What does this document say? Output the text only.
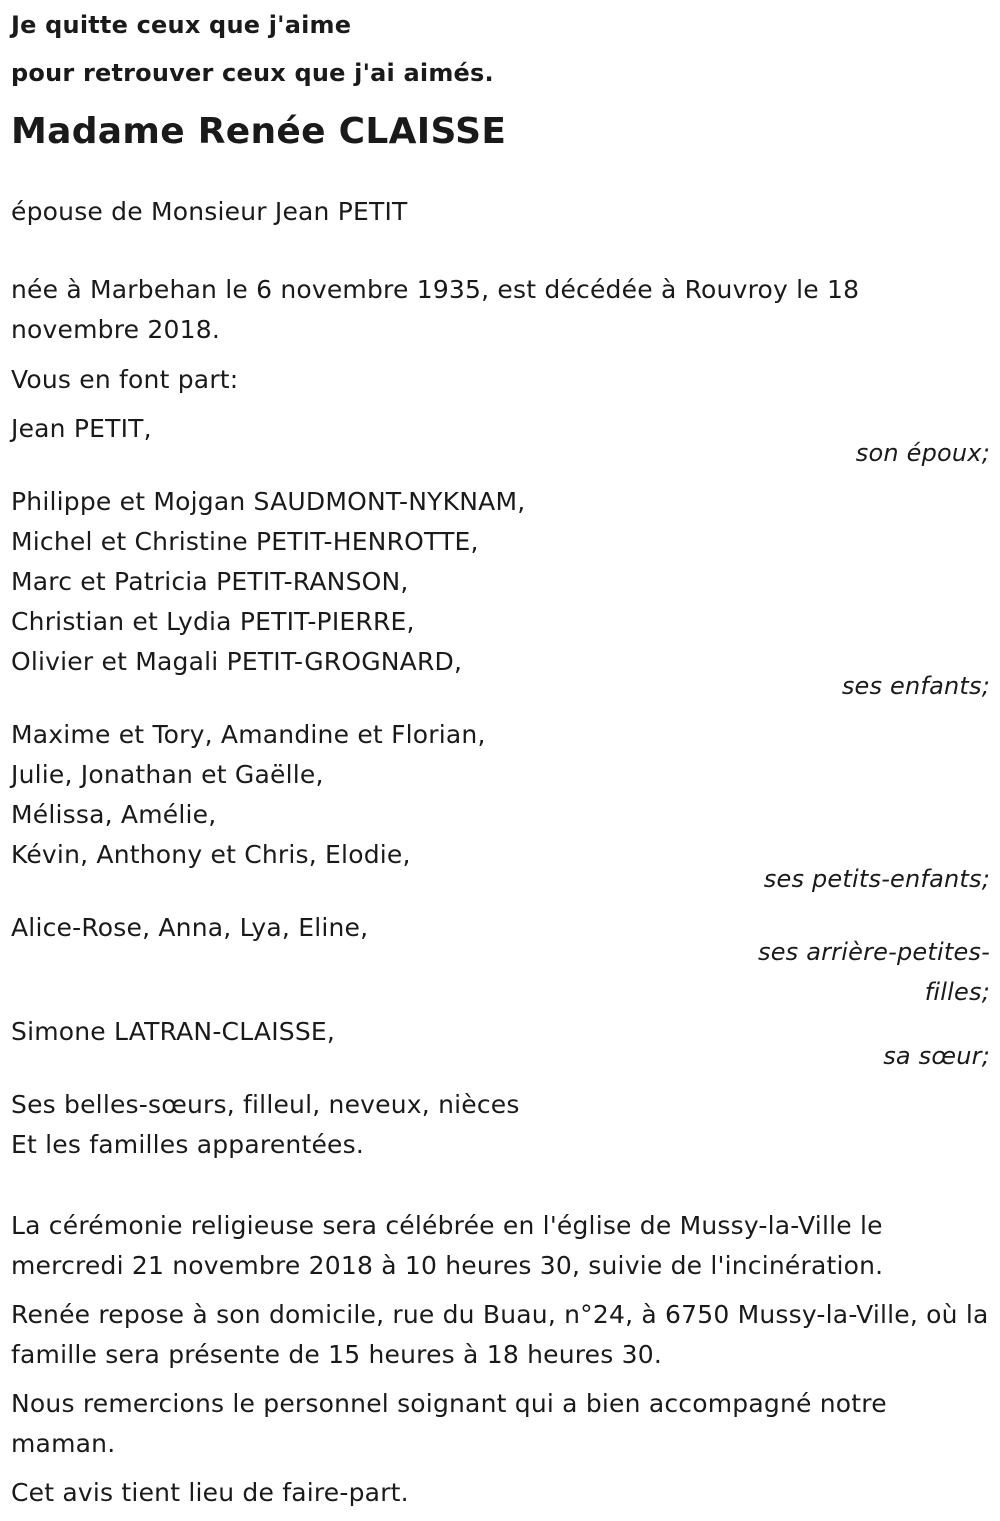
Je quitte ceux que j'aime

pour retrouver ceux que j'ai aimés.

Madame Renée CLAISSE

épouse de Monsieur Jean PETIT

née à Marbehan le 6 novembre 1935, est décédée à Rouvroy le 18 novembre 2018.

Vous en font part:

Jean PETIT,

son époux;

Philippe et Mojgan SAUDMONT-NYKNAM,

Michel et Christine PETIT-HENROTTE,

Marc et Patricia PETIT-RANSON,

Christian et Lydia PETIT-PIERRE,

Olivier et Magali PETIT-GROGNARD,

ses enfants;

Maxime et Tory, Amandine et Florian,

Julie, Jonathan et Gaëlle,

Mélissa, Amélie,

Kévin, Anthony et Chris, Elodie,

ses petits-enfants;

Alice-Rose, Anna, Lya, Eline,

ses arrière-petites-

filles;

Simone LATRAN-CLAISSE,

sa sœur;

Ses belles-sœurs, filleul, neveux, nièces

Et les familles apparentées.

La cérémonie religieuse sera célébrée en l'église de Mussy-la-Ville le mercredi 21 novembre 2018 à 10 heures 30, suivie de l'incinération.

Renée repose à son domicile, rue du Buau, n°24, à 6750 Mussy-la-Ville, où la famille sera présente de 15 heures à 18 heures 30.

Nous remercions le personnel soignant qui a bien accompagné notre maman.

Cet avis tient lieu de faire-part.
